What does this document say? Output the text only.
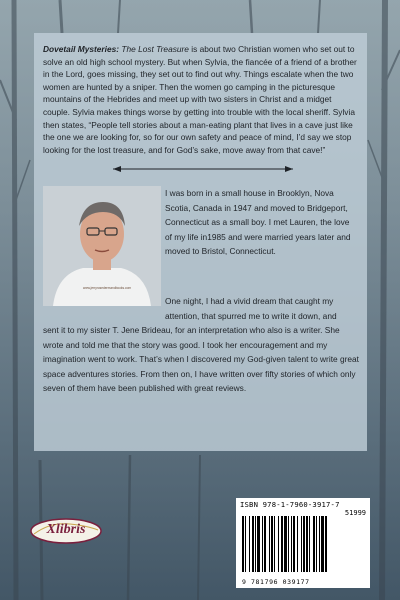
Dovetail Mysteries: The Lost Treasure is about two Christian women who set out to solve an old high school mystery. But when Sylvia, the fiancée of a friend of a brother in the Lord, goes missing, they set out to find out why. Things escalate when the two women are hunted by a sniper. Then the women go camping in the picturesque mountains of the Hebrides and meet up with two sisters in Christ and a midget couple. Sylvia makes things worse by getting into trouble with the local sheriff. Sylvia then states, “People tell stories about a man-eating plant that lives in a cave just like the one we are looking for, so for our own safety and peace of mind, I’d say we stop looking for the lost treasure, and for God’s sake, move away from that cave!”

www.jerryrosedermandbooks.com

I was born in a small house in Brooklyn, Nova Scotia, Canada in 1947 and moved to Bridgeport, Connecticut as a small boy. I met Lauren, the love of my life in1985 and were married years later and moved to Bristol, Connecticut.

One night, I had a vivid dream that caught my attention, that spurred me to write it down, and

sent it to my sister T. Jene Brideau, for an interpretation who also is a writer. She wrote and told me that the story was good. I took her encouragement and my imagination went to work. That’s when I discovered my God-given talent to write great space adventures stories. From then on, I have written over fifty stories of which only seven of them have been published with great reviews.

Xlibris
ISBN 978-1-7960-3917-7
51999
9 781796 039177
